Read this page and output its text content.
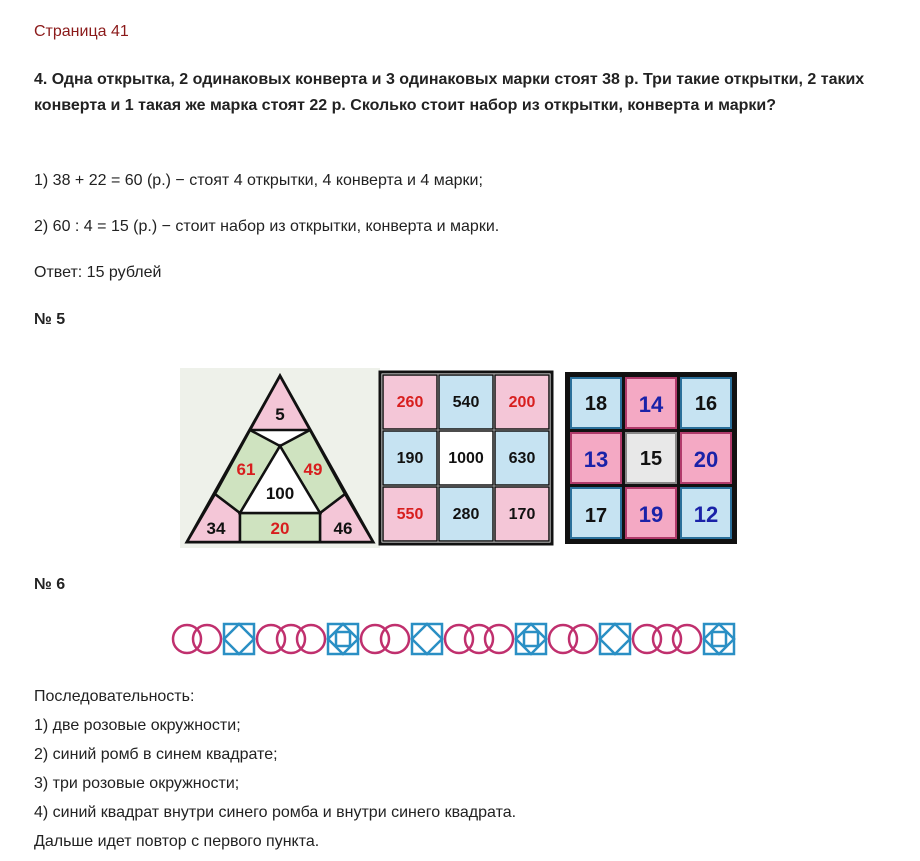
Страница 41
4. Одна открытка, 2 одинаковых конверта и 3 одинаковых марки стоят 38 р. Три такие открытки, 2 таких конверта и 1 такая же марка стоят 22 р. Сколько стоит набор из открытки, конверта и марки?
1) 38 + 22 = 60 (р.) − стоят 4 открытки, 4 конверта и 4 марки;
2) 60 : 4 = 15 (р.) − стоит набор из открытки, конверта и марки.
Ответ: 15 рублей
№ 5
5
61	49
100
34	20	46
260 540 200
190 1000 630
550 280 170
18 14 16
13 15 20
17 19 12
№ 6
Последовательность:
1) две розовые окружности;
2) синий ромб в синем квадрате;
3) три розовые окружности;
4) синий квадрат внутри синего ромба и внутри синего квадрата.
Дальше идет повтор с первого пункта.
